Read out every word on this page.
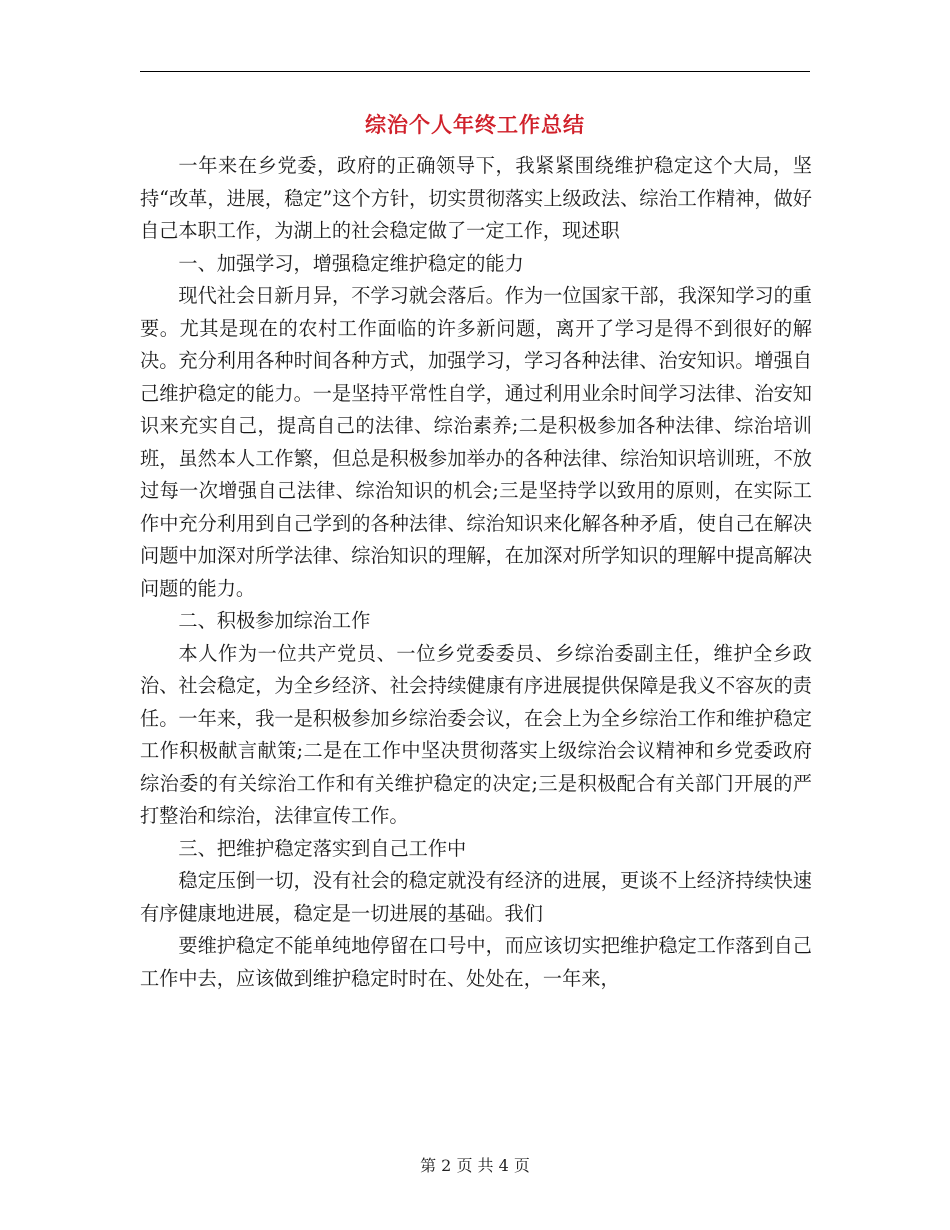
综治个人年终工作总结

一年来在乡党委，政府的正确领导下，我紧紧围绕维护稳定这个大局，坚持“改革，进展，稳定”这个方针，切实贯彻落实上级政法、综治工作精神，做好自己本职工作，为湖上的社会稳定做了一定工作，现述职

一、加强学习，增强稳定维护稳定的能力

现代社会日新月异，不学习就会落后。作为一位国家干部，我深知学习的重要。尤其是现在的农村工作面临的许多新问题，离开了学习是得不到很好的解决。充分利用各种时间各种方式，加强学习，学习各种法律、治安知识。增强自己维护稳定的能力。一是坚持平常性自学，通过利用业余时间学习法律、治安知识来充实自己，提高自己的法律、综治素养;二是积极参加各种法律、综治培训班，虽然本人工作繁，但总是积极参加举办的各种法律、综治知识培训班，不放过每一次增强自己法律、综治知识的机会;三是坚持学以致用的原则，在实际工作中充分利用到自己学到的各种法律、综治知识来化解各种矛盾，使自己在解决问题中加深对所学法律、综治知识的理解，在加深对所学知识的理解中提高解决问题的能力。

二、积极参加综治工作

本人作为一位共产党员、一位乡党委委员、乡综治委副主任，维护全乡政治、社会稳定，为全乡经济、社会持续健康有序进展提供保障是我义不容灰的责任。一年来，我一是积极参加乡综治委会议，在会上为全乡综治工作和维护稳定工作积极献言献策;二是在工作中坚决贯彻落实上级综治会议精神和乡党委政府综治委的有关综治工作和有关维护稳定的决定;三是积极配合有关部门开展的严打整治和综治，法律宣传工作。

三、把维护稳定落实到自己工作中

稳定压倒一切，没有社会的稳定就没有经济的进展，更谈不上经济持续快速有序健康地进展，稳定是一切进展的基础。我们

要维护稳定不能单纯地停留在口号中，而应该切实把维护稳定工作落到自己工作中去，应该做到维护稳定时时在、处处在，一年来，

第 2 页 共 4 页
